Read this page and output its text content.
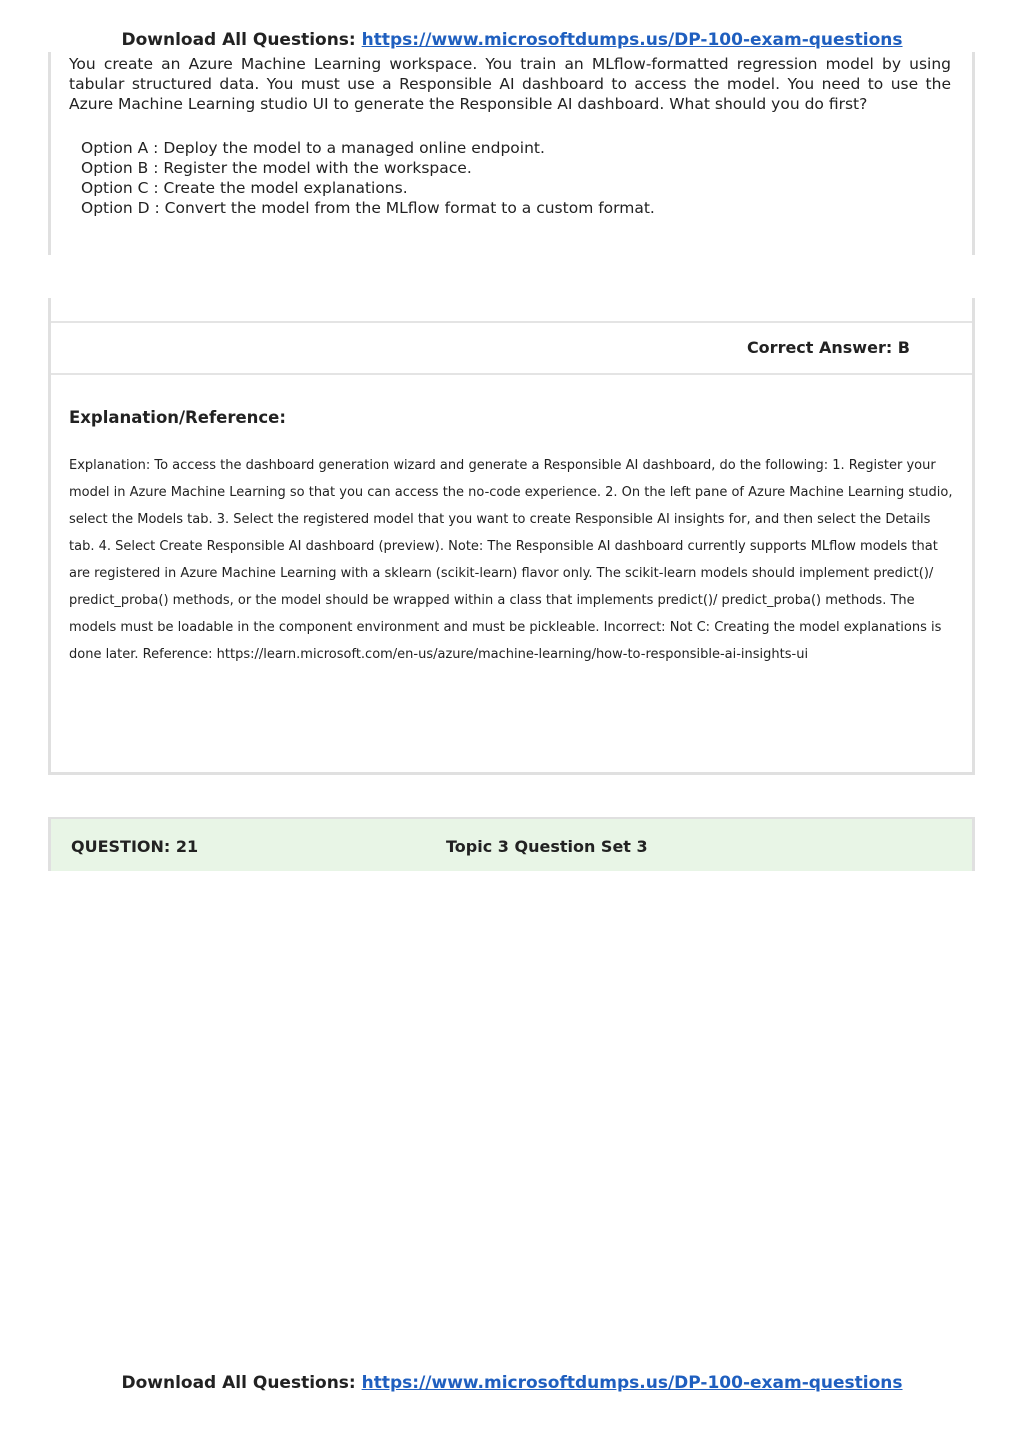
Download All Questions: https://www.microsoftdumps.us/DP-100-exam-questions
You create an Azure Machine Learning workspace. You train an MLflow-formatted regression model by using tabular structured data. You must use a Responsible AI dashboard to access the model. You need to use the Azure Machine Learning studio UI to generate the Responsible AI dashboard. What should you do first?
Option A : Deploy the model to a managed online endpoint.
Option B : Register the model with the workspace.
Option C : Create the model explanations.
Option D : Convert the model from the MLflow format to a custom format.
Correct Answer: B
Explanation/Reference:
Explanation: To access the dashboard generation wizard and generate a Responsible AI dashboard, do the following: 1. Register your model in Azure Machine Learning so that you can access the no-code experience. 2. On the left pane of Azure Machine Learning studio, select the Models tab. 3. Select the registered model that you want to create Responsible AI insights for, and then select the Details tab. 4. Select Create Responsible AI dashboard (preview). Note: The Responsible AI dashboard currently supports MLflow models that are registered in Azure Machine Learning with a sklearn (scikit-learn) flavor only. The scikit-learn models should implement predict()/ predict_proba() methods, or the model should be wrapped within a class that implements predict()/ predict_proba() methods. The models must be loadable in the component environment and must be pickleable. Incorrect: Not C: Creating the model explanations is done later. Reference: https://learn.microsoft.com/en-us/azure/machine-learning/how-to-responsible-ai-insights-ui
QUESTION: 21	Topic 3 Question Set 3
Download All Questions: https://www.microsoftdumps.us/DP-100-exam-questions
